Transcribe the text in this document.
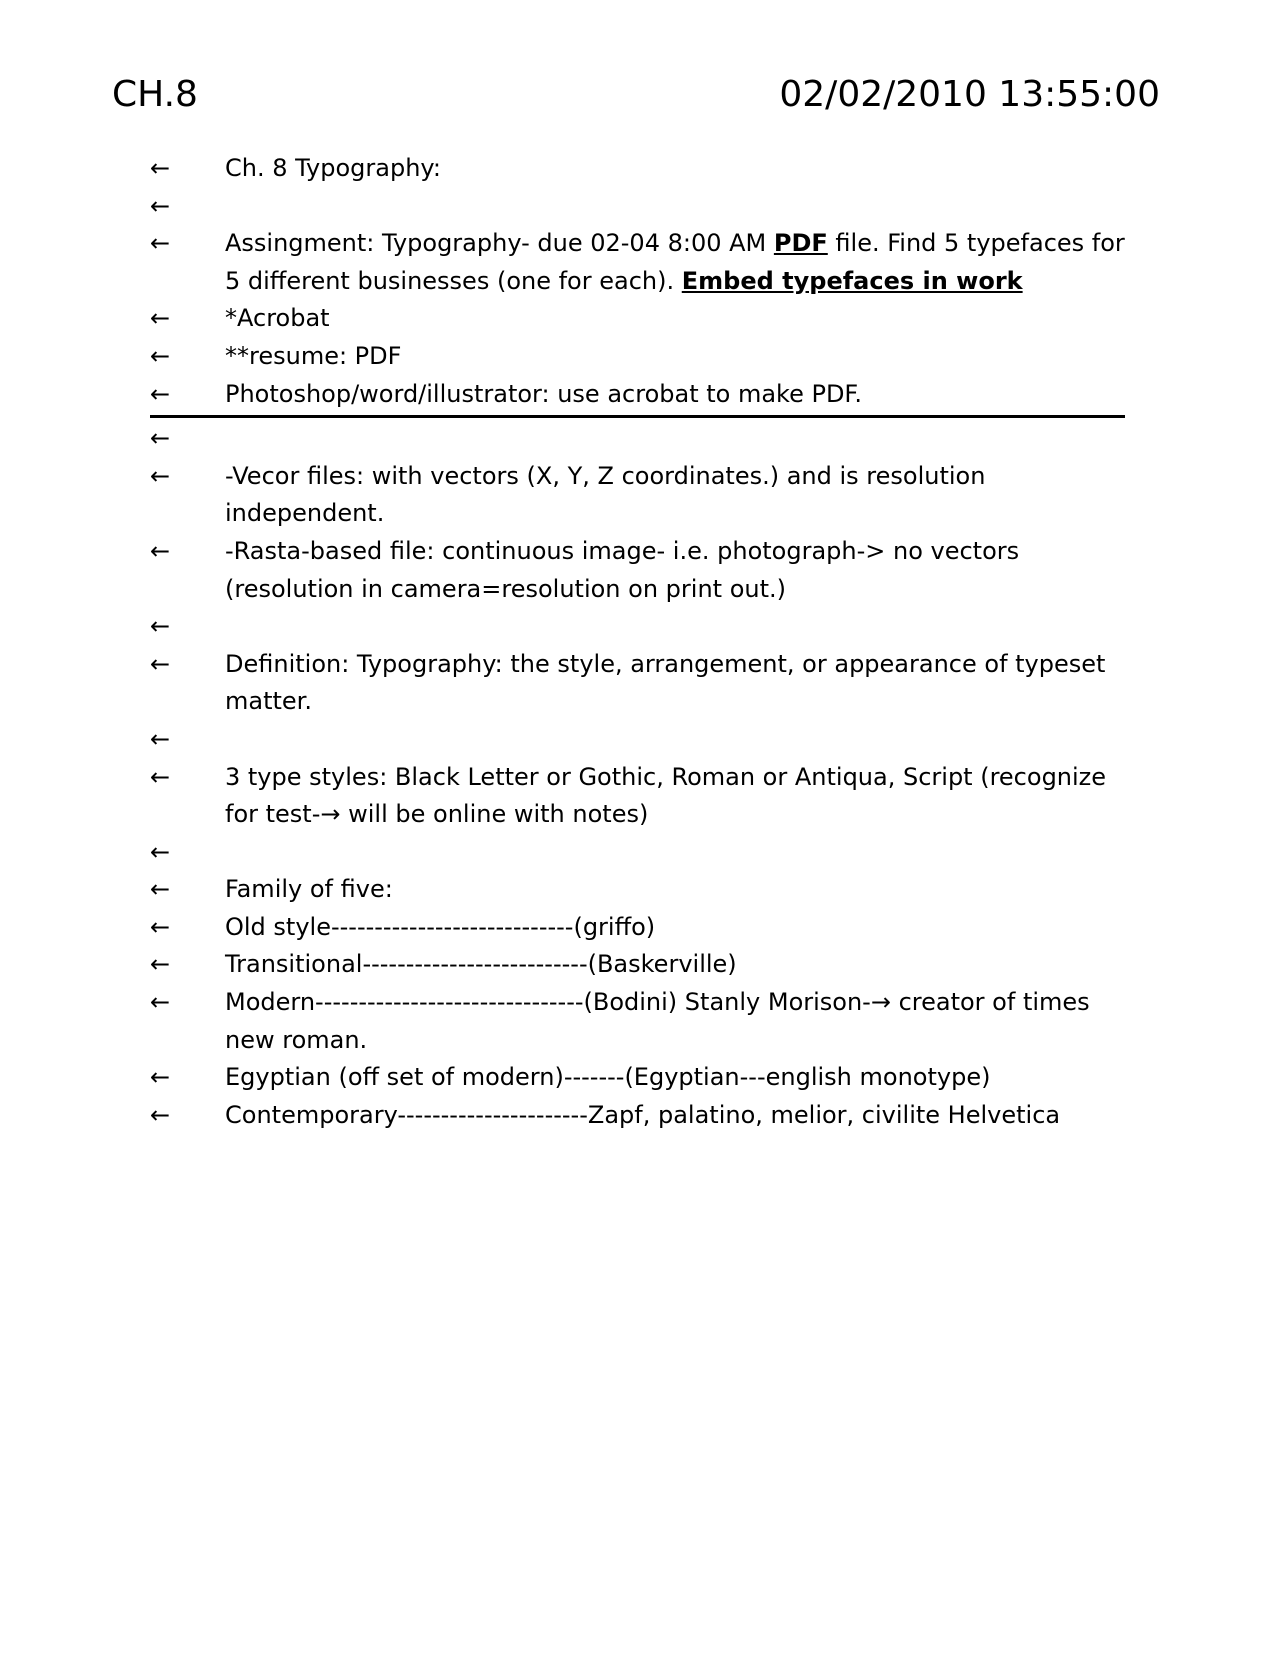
CH.8	02/02/2010 13:55:00
← Ch. 8 Typography:
←
← Assingment: Typography- due 02-04 8:00 AM PDF file. Find 5 typefaces for 5 different businesses (one for each). Embed typefaces in work
← *Acrobat
← **resume: PDF
← Photoshop/word/illustrator: use acrobat to make PDF.
←
← -Vecor files: with vectors (X, Y, Z coordinates.) and is resolution independent.
← -Rasta-based file: continuous image- i.e. photograph-> no vectors (resolution in camera=resolution on print out.)
←
← Definition: Typography: the style, arrangement, or appearance of typeset matter.
←
← 3 type styles: Black Letter or Gothic, Roman or Antiqua, Script (recognize for test-→ will be online with notes)
←
← Family of five:
← Old style----------------------------(griffo)
← Transitional--------------------------(Baskerville)
← Modern-------------------------------(Bodini) Stanly Morison-→ creator of times new roman.
← Egyptian (off set of modern)-------(Egyptian---english monotype)
← Contemporary----------------------Zapf, palatino, melior, civilite Helvetica
